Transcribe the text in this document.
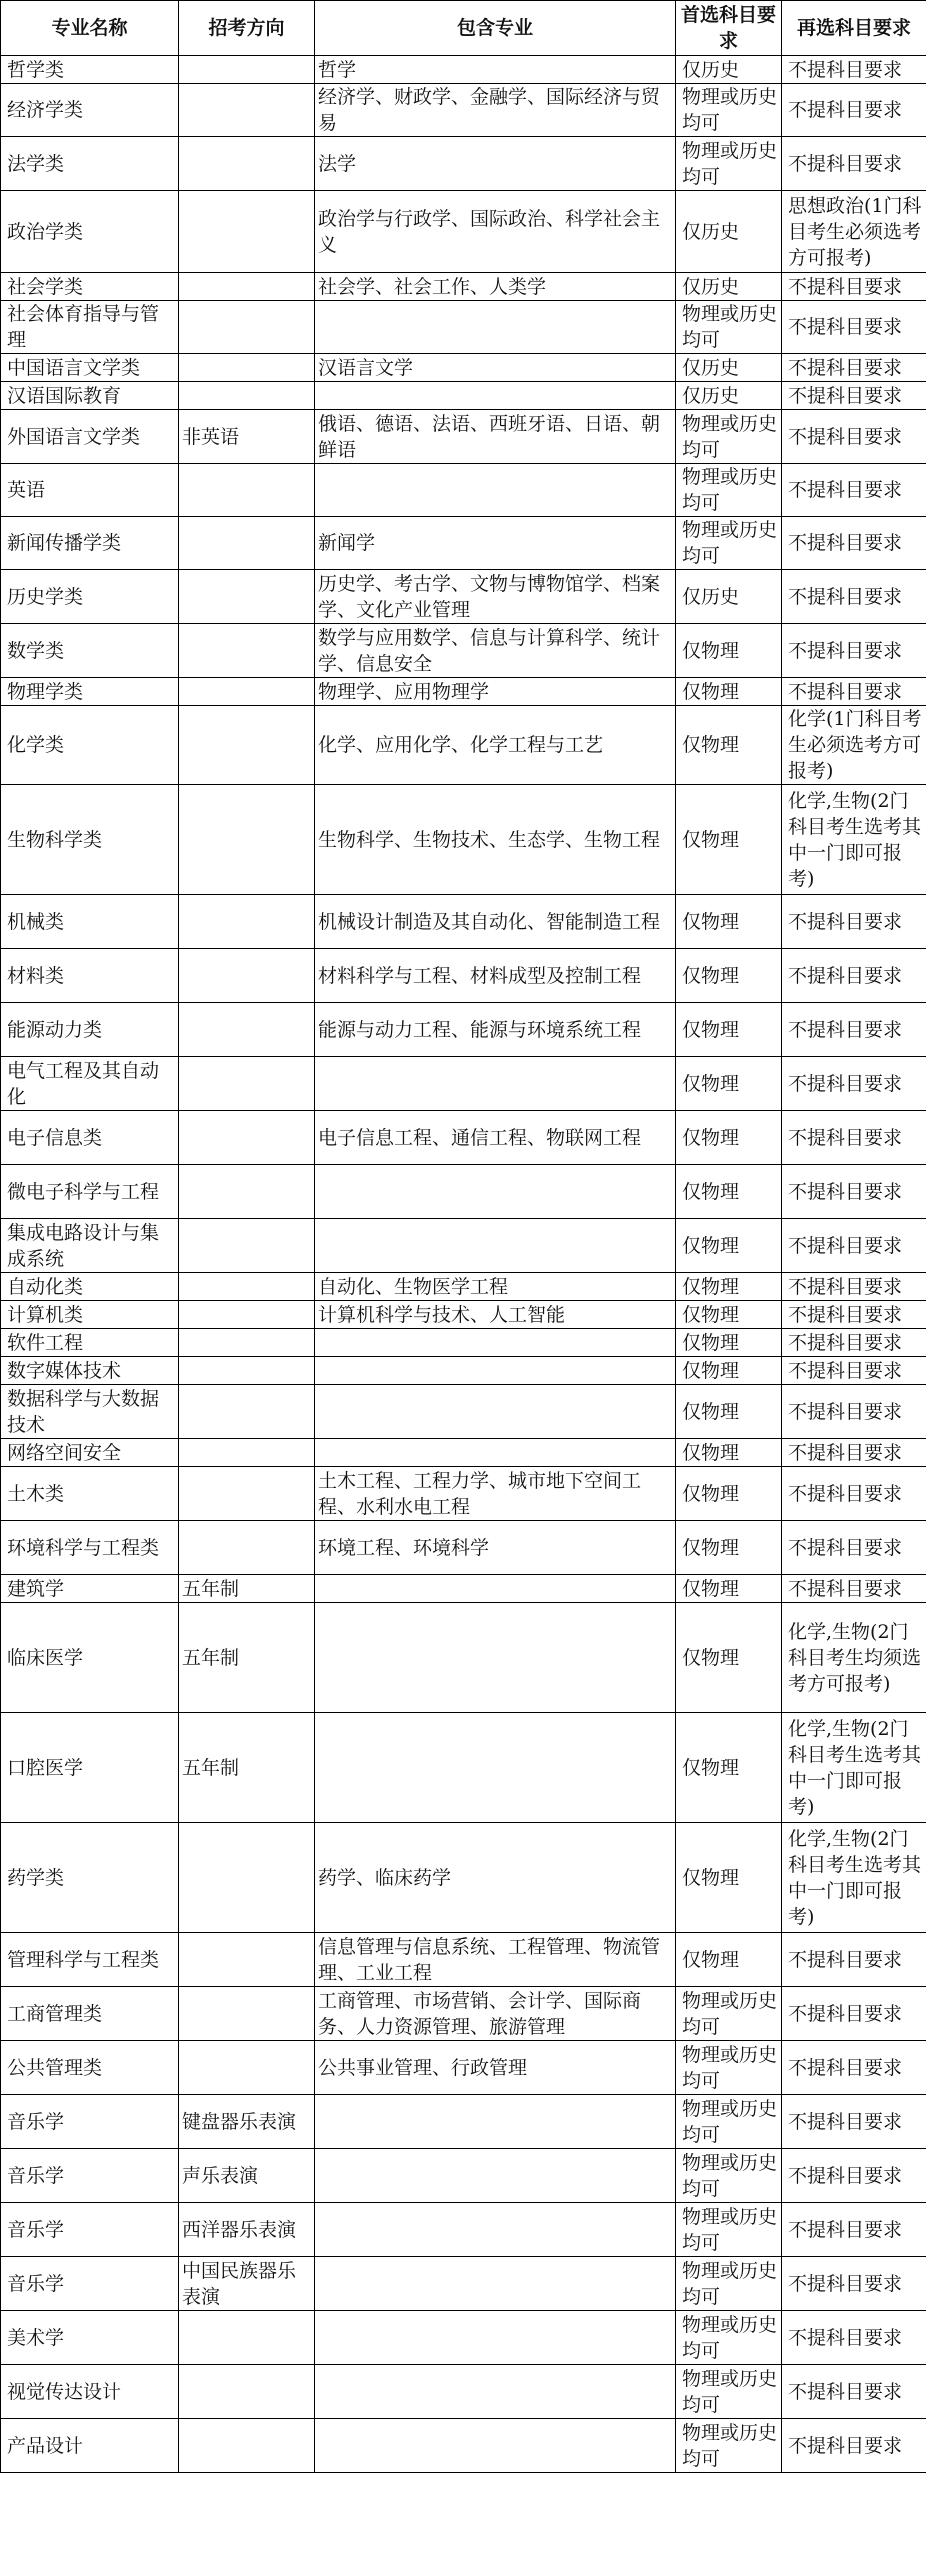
专业名称	招考方向	包含专业	首选科目要求	再选科目要求
哲学类		哲学	仅历史	不提科目要求
经济学类		经济学、财政学、金融学、国际经济与贸易	物理或历史均可	不提科目要求
法学类		法学	物理或历史均可	不提科目要求
政治学类		政治学与行政学、国际政治、科学社会主义	仅历史	思想政治(1门科目考生必须选考方可报考)
社会学类		社会学、社会工作、人类学	仅历史	不提科目要求
社会体育指导与管理			物理或历史均可	不提科目要求
中国语言文学类		汉语言文学	仅历史	不提科目要求
汉语国际教育			仅历史	不提科目要求
外国语言文学类	非英语	俄语、德语、法语、西班牙语、日语、朝鲜语	物理或历史均可	不提科目要求
英语			物理或历史均可	不提科目要求
新闻传播学类		新闻学	物理或历史均可	不提科目要求
历史学类		历史学、考古学、文物与博物馆学、档案学、文化产业管理	仅历史	不提科目要求
数学类		数学与应用数学、信息与计算科学、统计学、信息安全	仅物理	不提科目要求
物理学类		物理学、应用物理学	仅物理	不提科目要求
化学类		化学、应用化学、化学工程与工艺	仅物理	化学(1门科目考生必须选考方可报考)
生物科学类		生物科学、生物技术、生态学、生物工程	仅物理	化学,生物(2门科目考生选考其中一门即可报考)
机械类		机械设计制造及其自动化、智能制造工程	仅物理	不提科目要求
材料类		材料科学与工程、材料成型及控制工程	仅物理	不提科目要求
能源动力类		能源与动力工程、能源与环境系统工程	仅物理	不提科目要求
电气工程及其自动化			仅物理	不提科目要求
电子信息类		电子信息工程、通信工程、物联网工程	仅物理	不提科目要求
微电子科学与工程			仅物理	不提科目要求
集成电路设计与集成系统			仅物理	不提科目要求
自动化类		自动化、生物医学工程	仅物理	不提科目要求
计算机类		计算机科学与技术、人工智能	仅物理	不提科目要求
软件工程			仅物理	不提科目要求
数字媒体技术			仅物理	不提科目要求
数据科学与大数据技术			仅物理	不提科目要求
网络空间安全			仅物理	不提科目要求
土木类		土木工程、工程力学、城市地下空间工程、水利水电工程	仅物理	不提科目要求
环境科学与工程类		环境工程、环境科学	仅物理	不提科目要求
建筑学	五年制		仅物理	不提科目要求
临床医学	五年制		仅物理	化学,生物(2门科目考生均须选考方可报考)
口腔医学	五年制		仅物理	化学,生物(2门科目考生选考其中一门即可报考)
药学类		药学、临床药学	仅物理	化学,生物(2门科目考生选考其中一门即可报考)
管理科学与工程类		信息管理与信息系统、工程管理、物流管理、工业工程	仅物理	不提科目要求
工商管理类		工商管理、市场营销、会计学、国际商务、人力资源管理、旅游管理	物理或历史均可	不提科目要求
公共管理类		公共事业管理、行政管理	物理或历史均可	不提科目要求
音乐学	键盘器乐表演		物理或历史均可	不提科目要求
音乐学	声乐表演		物理或历史均可	不提科目要求
音乐学	西洋器乐表演		物理或历史均可	不提科目要求
音乐学	中国民族器乐表演		物理或历史均可	不提科目要求
美术学			物理或历史均可	不提科目要求
视觉传达设计			物理或历史均可	不提科目要求
产品设计			物理或历史均可	不提科目要求
